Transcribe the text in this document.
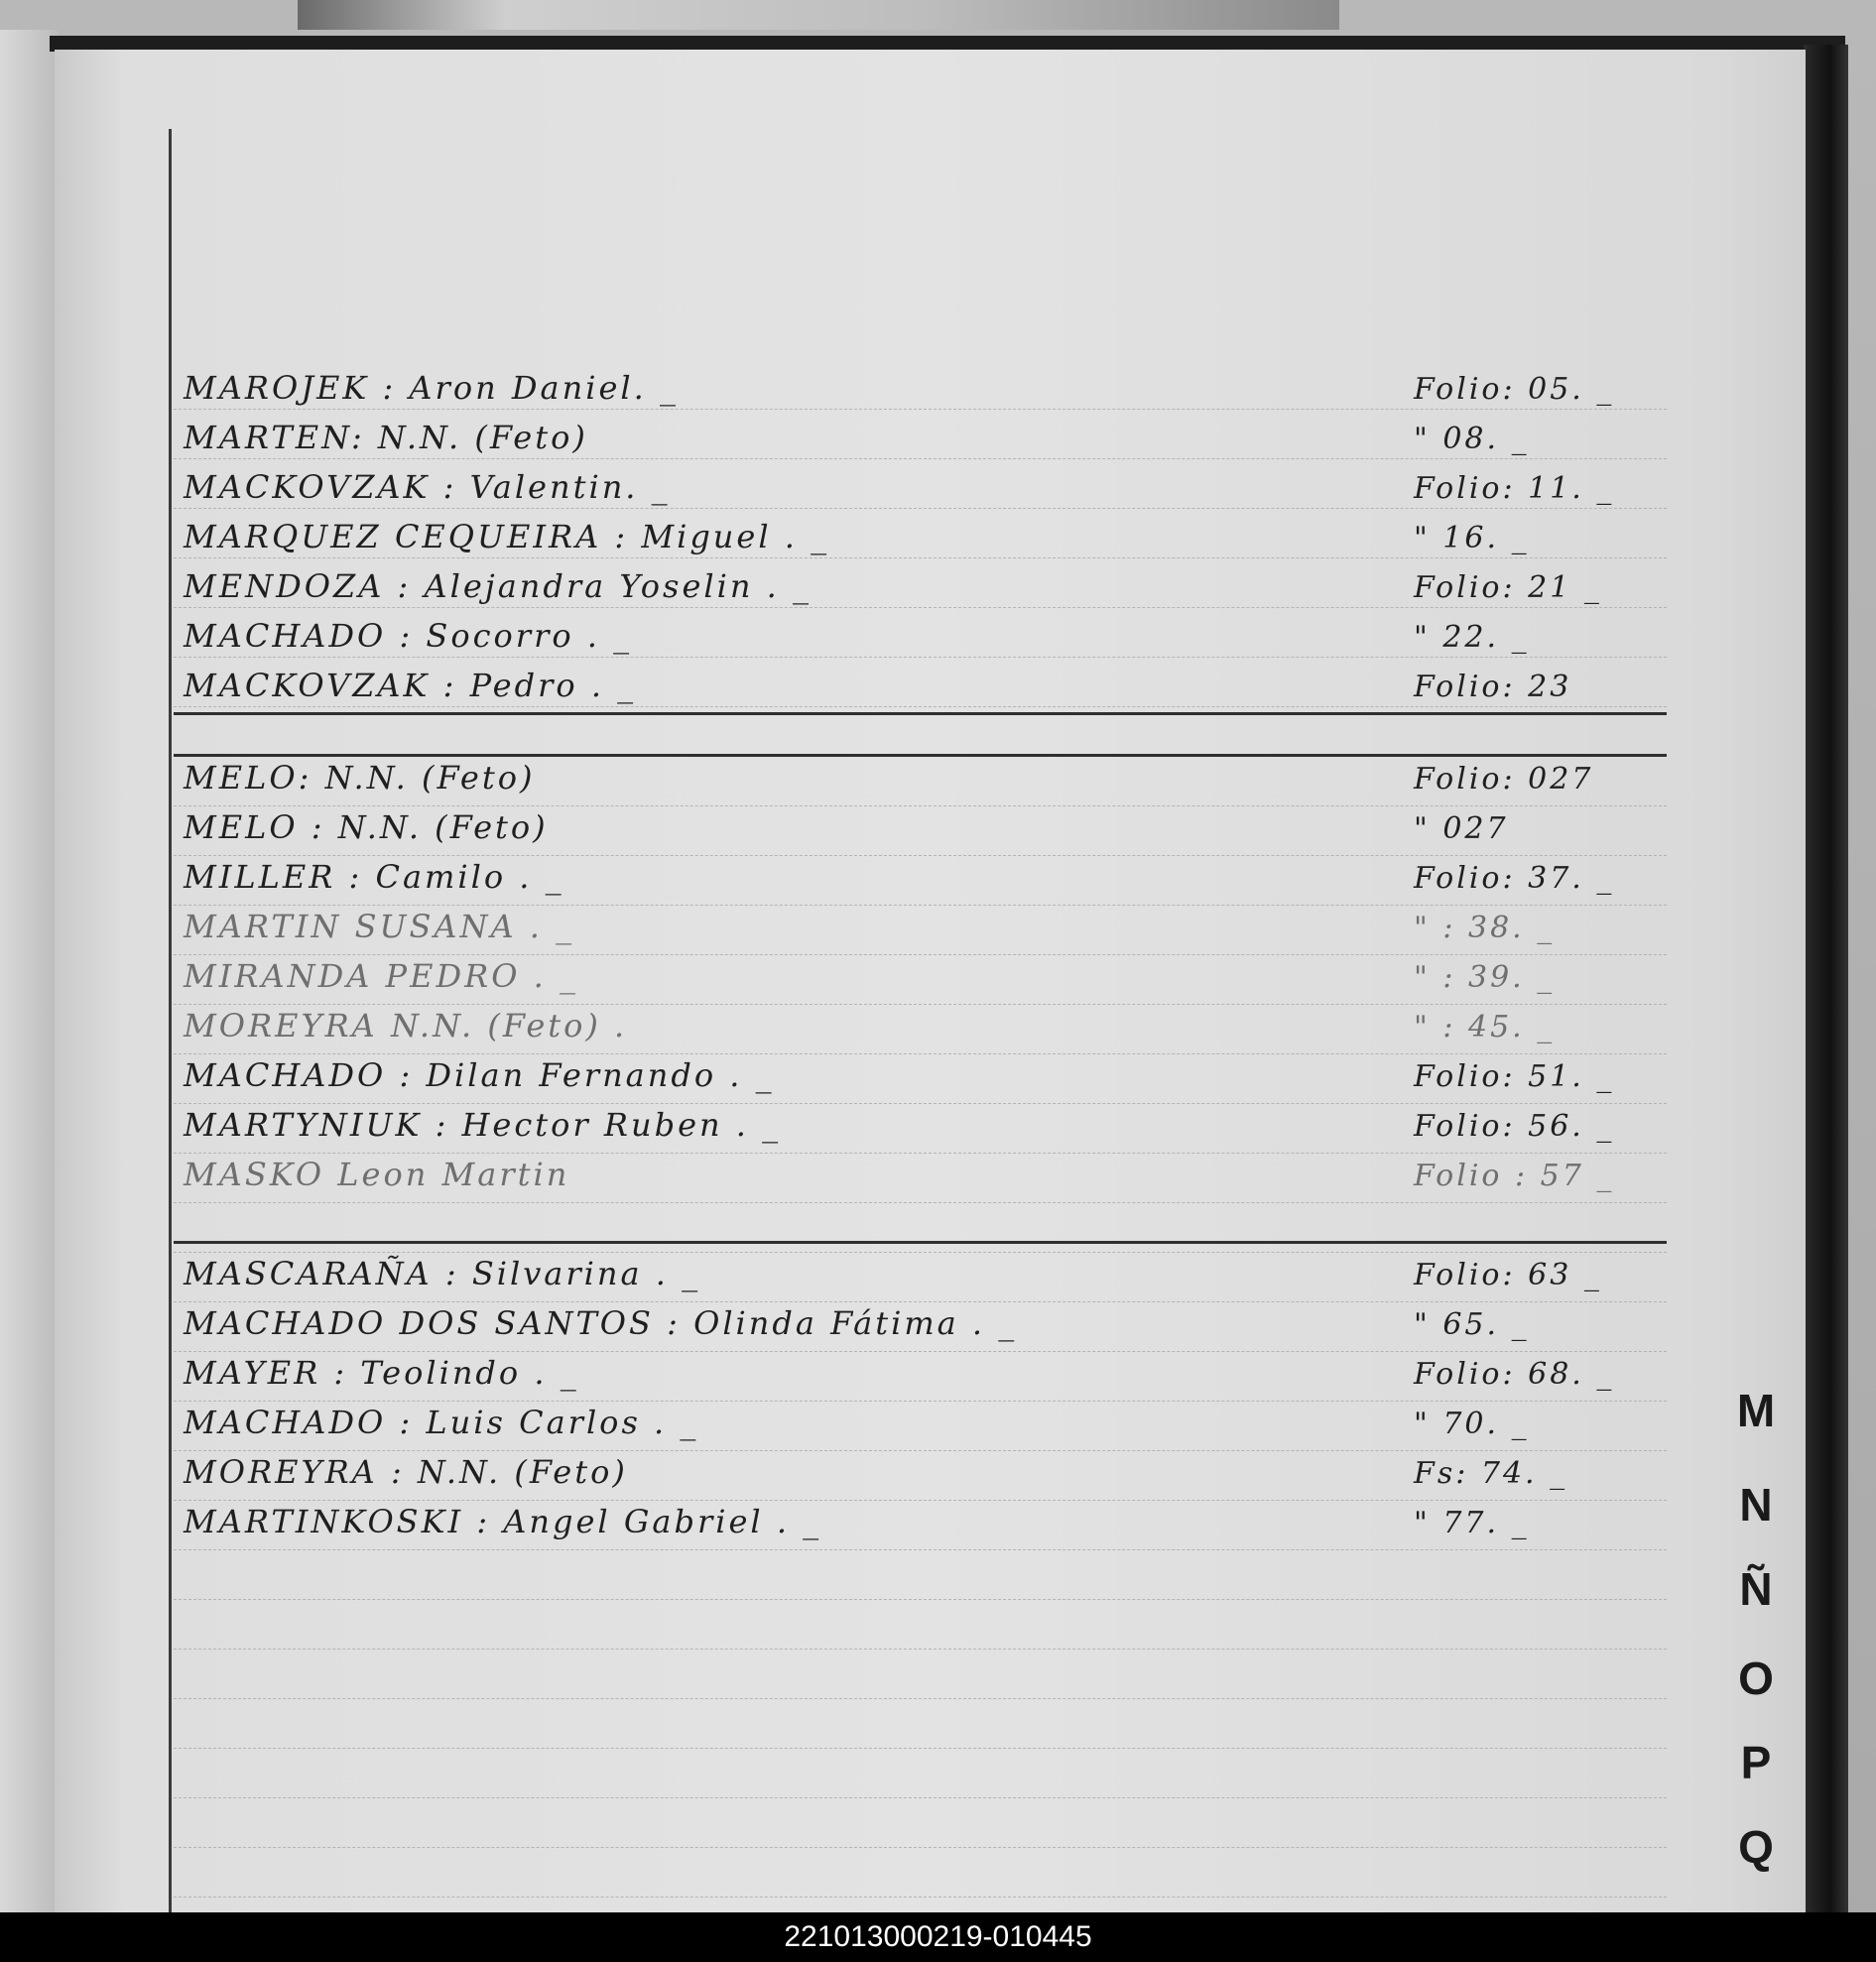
MAROJEK : Aron Daniel. _	Folio: 05. _
MARTEN: N.N. (Feto)	" 08. _
MACKOVZAK : Valentin. _	Folio: 11. _
MARQUEZ CEQUEIRA : Miguel . _	" 16. _
MENDOZA : Alejandra Yoselin . _	Folio: 21 _
MACHADO : Socorro . _	" 22. _
MACKOVZAK : Pedro . _	Folio: 23
MELO: N.N. (Feto)	Folio: 027
MELO : N.N. (Feto)	" 027
MILLER : Camilo . _	Folio: 37. _
MARTIN SUSANA . _	" : 38. _
MIRANDA PEDRO . _	" : 39. _
MOREYRA N.N. (Feto) .	" : 45. _
MACHADO : Dilan Fernando . _	Folio: 51. _
MARTYNIUK : Hector Ruben . _	Folio: 56. _
MASKO Leon Martin	Folio : 57 _
MASCARAÑA : Silvarina . _	Folio: 63 _
MACHADO DOS SANTOS : Olinda Fátima . _	" 65. _
MAYER : Teolindo . _	Folio: 68. _
MACHADO : Luis Carlos . _	" 70. _
MOREYRA : N.N. (Feto)	Fs: 74. _
MARTINKOSKI : Angel Gabriel . _	" 77. _
M
N
Ñ
O
P
Q
221013000219-010445
